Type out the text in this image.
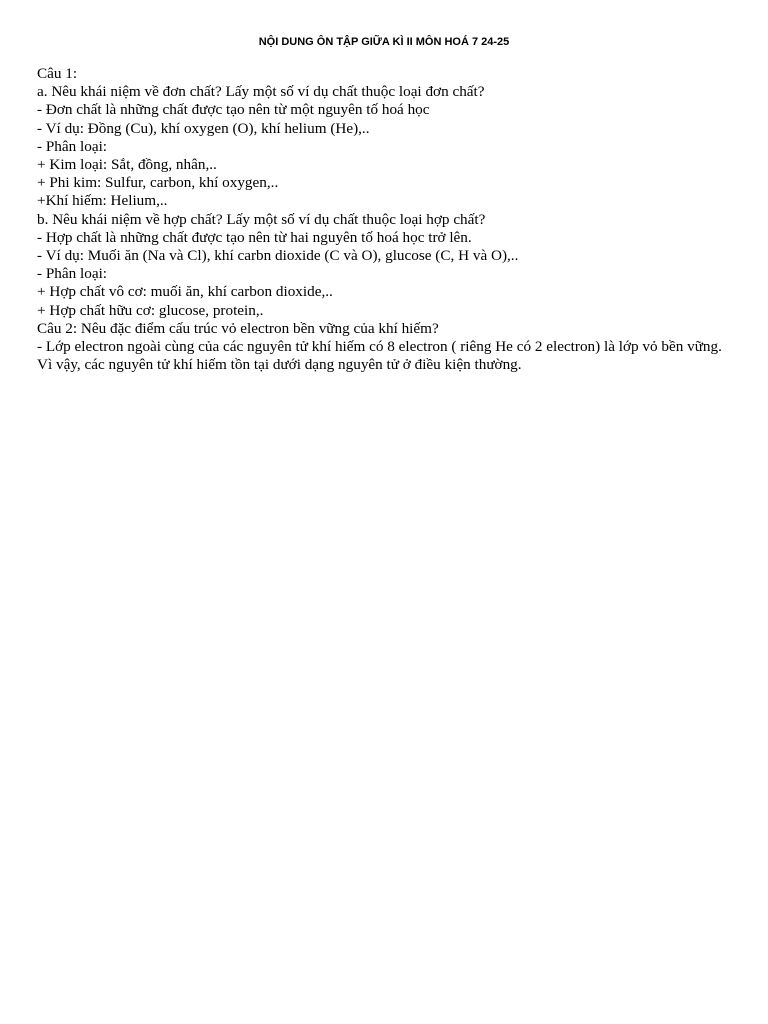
NỘI DUNG ÔN TẬP GIỮA KÌ II MÔN HOÁ 7 24-25

Câu 1:

a. Nêu khái niệm về đơn chất? Lấy một số ví dụ chất thuộc loại đơn chất?

- Đơn chất là những chất được tạo nên từ một nguyên tố hoá học

- Ví dụ: Đồng (Cu), khí oxygen (O), khí helium (He),..

- Phân loại:

+ Kim loại: Sắt, đồng, nhân,..

+ Phi kim: Sulfur, carbon, khí oxygen,..

+Khí hiếm: Helium,..

b. Nêu khái niệm về hợp chất? Lấy một số ví dụ chất thuộc loại hợp chất?

- Hợp chất là những chất được tạo nên từ hai nguyên tố hoá học trở lên.

- Ví dụ: Muối ăn (Na và Cl), khí carbn dioxide (C và O), glucose (C, H và O),..

- Phân loại:

+ Hợp chất vô cơ: muối ăn, khí carbon dioxide,..

+ Hợp chất hữu cơ: glucose, protein,.

Câu 2: Nêu đặc điểm cấu trúc vỏ electron bền vững của khí hiếm?

- Lớp electron ngoài cùng của các nguyên tử khí hiếm có 8 electron ( riêng He có 2 electron) là lớp vỏ bền vững. Vì vậy, các nguyên tử khí hiếm tồn tại dưới dạng nguyên tử ở điều kiện thường.
